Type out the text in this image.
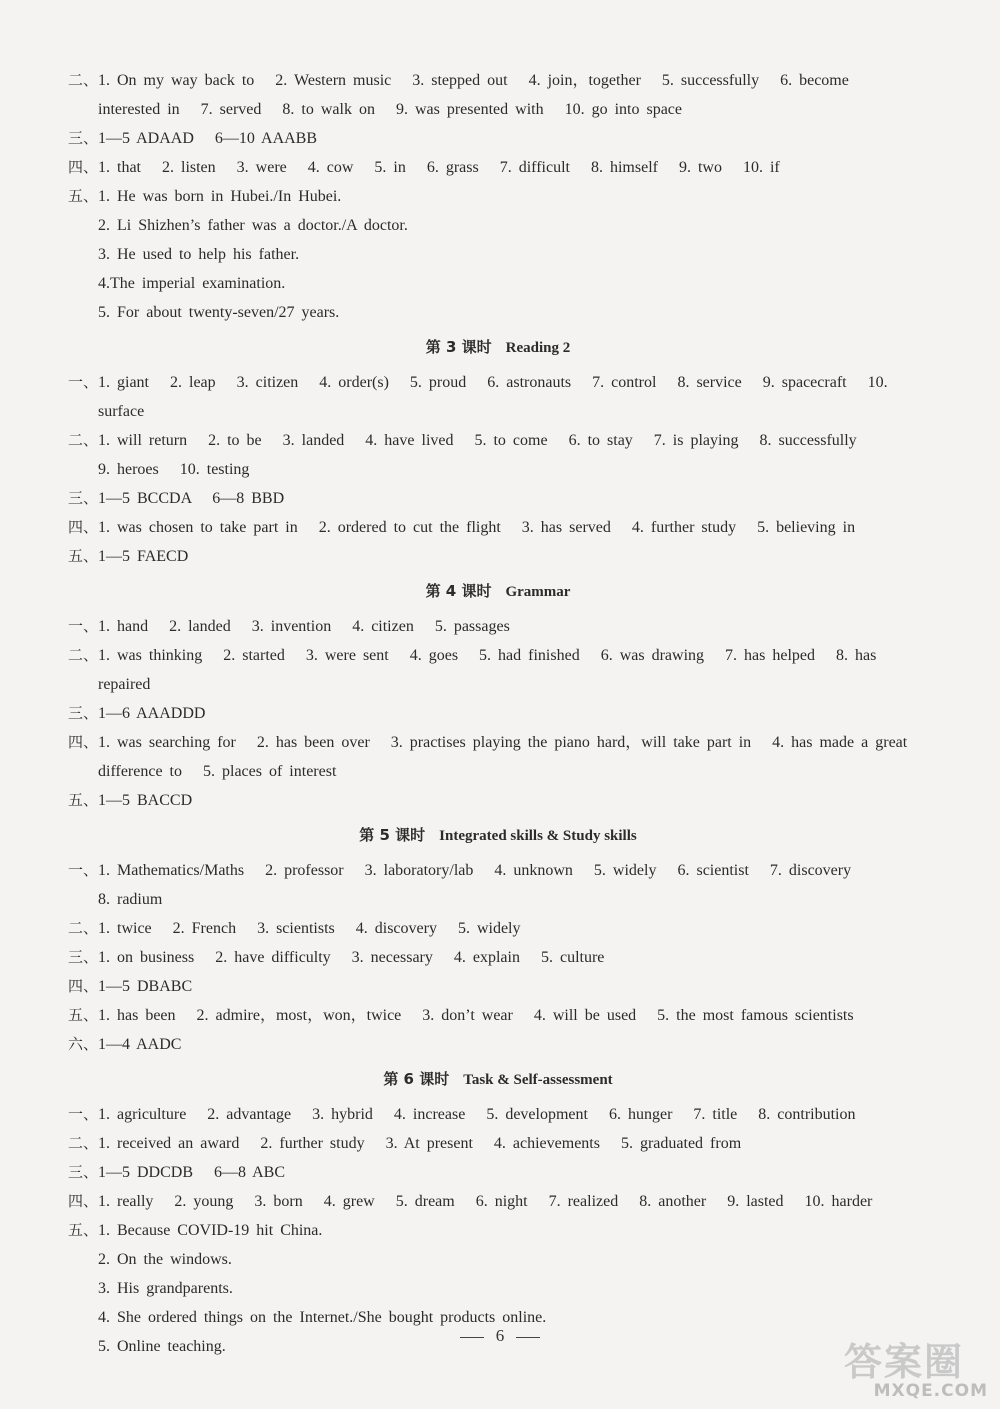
二、 1. On my way back to   2. Western music   3. stepped out   4. join，together   5. successfully   6. become
interested in   7. served   8. to walk on   9. was presented with   10. go into space
三、 1—5 ADAAD   6—10 AAABB
四、 1. that   2. listen   3. were   4. cow   5. in   6. grass   7. difficult   8. himself   9. two   10. if
五、 1. He was born in Hubei./In Hubei.
2. Li Shizhen’s father was a doctor./A doctor.
3. He used to help his father.
4.The imperial examination.
5. For about twenty-seven/27 years.
第 3 课时 Reading 2
一、 1. giant   2. leap   3. citizen   4. order(s)   5. proud   6. astronauts   7. control   8. service   9. spacecraft   10. surface
二、 1. will return   2. to be   3. landed   4. have lived   5. to come   6. to stay   7. is playing   8. successfully
9. heroes   10. testing
三、 1—5 BCCDA   6—8 BBD
四、 1. was chosen to take part in   2. ordered to cut the flight   3. has served   4. further study   5. believing in
五、 1—5 FAECD
第 4 课时 Grammar
一、 1. hand   2. landed   3. invention   4. citizen   5. passages
二、 1. was thinking   2. started   3. were sent   4. goes   5. had finished   6. was drawing   7. has helped   8. has
repaired
三、 1—6 AAADDD
四、 1. was searching for   2. has been over   3. practises playing the piano hard，will take part in   4. has made a great
difference to   5. places of interest
五、 1—5 BACCD
第 5 课时 Integrated skills & Study skills
一、 1. Mathematics/Maths   2. professor   3. laboratory/lab   4. unknown   5. widely   6. scientist   7. discovery
8. radium
二、 1. twice   2. French   3. scientists   4. discovery   5. widely
三、 1. on business   2. have difficulty   3. necessary   4. explain   5. culture
四、 1—5 DBABC
五、 1. has been   2. admire，most，won，twice   3. don’t wear   4. will be used   5. the most famous scientists
六、 1—4 AADC
第 6 课时 Task & Self-assessment
一、 1. agriculture   2. advantage   3. hybrid   4. increase   5. development   6. hunger   7. title   8. contribution
二、 1. received an award   2. further study   3. At present   4. achievements   5. graduated from
三、 1—5 DDCDB   6—8 ABC
四、 1. really   2. young   3. born   4. grew   5. dream   6. night   7. realized   8. another   9. lasted   10. harder
五、 1. Because COVID-19 hit China.
2. On the windows.
3. His grandparents.
4. She ordered things on the Internet./She bought products online.
5. Online teaching.
6
答案圈
MXQE.COM
